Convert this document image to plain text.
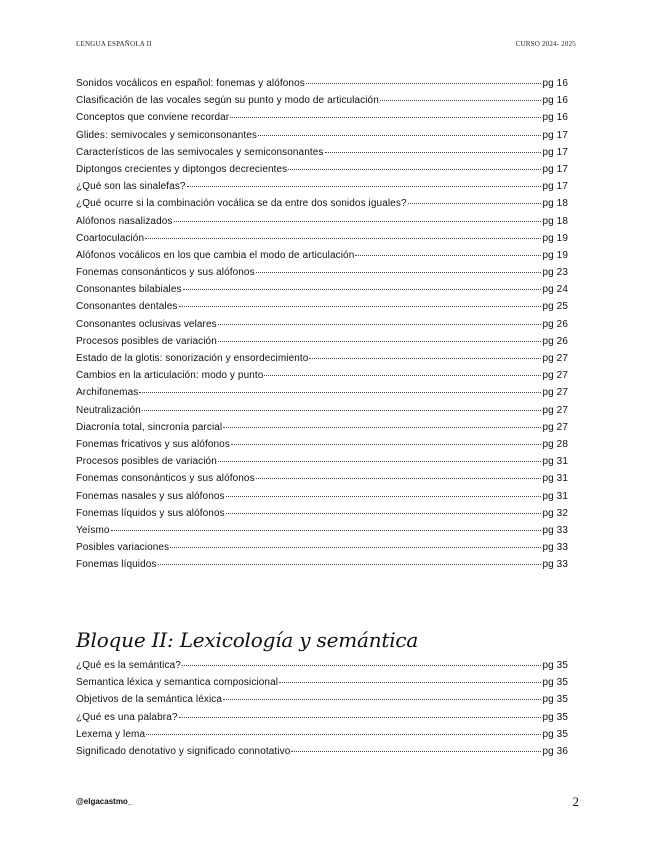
LENGUA ESPAÑOLA II	CURSO 2024- 2025
Sonidos vocálicos en español: fonemas y alófonos	pg 16
Clasificación de las vocales según su punto y modo de articulación	pg 16
Conceptos que conviene recordar	pg 16
Glides: semivocales y semiconsonantes	pg 17
Característicos de las semivocales y semiconsonantes	pg 17
Diptongos crecientes y diptongos decrecientes	pg 17
¿Qué son las sinalefas?	pg 17
¿Qué ocurre si la combinación vocálica se da entre dos sonidos iguales?	pg 18
Alófonos nasalizados	pg 18
Coartoculación	pg 19
Alófonos vocálicos en los que cambia el modo de articulación	pg 19
Fonemas consonánticos y sus alófonos	pg 23
Consonantes bilabiales	pg 24
Consonantes dentales	pg 25
Consonantes oclusivas velares	pg 26
Procesos posibles de variación	pg 26
Estado de la glotis: sonorización y ensordecimiento	pg 27
Cambios en la articulación: modo y punto	pg 27
Archifonemas	pg 27
Neutralización	pg 27
Diacronía total, sincronía parcial	pg 27
Fonemas fricativos y sus alófonos	pg 28
Procesos posibles de variación	pg 31
Fonemas consonánticos y sus alófonos	pg 31
Fonemas nasales y sus alófonos	pg 31
Fonemas líquidos y sus alófonos	pg 32
Yeísmo	pg 33
Posibles variaciones	pg 33
Fonemas líquidos	pg 33
Bloque II: Lexicología y semántica
¿Qué es la semántica?	pg 35
Semantica léxica y semantica composicional	pg 35
Objetivos de la semántica léxica	pg 35
¿Qué es una palabra?	pg 35
Lexema y lema	pg 35
Significado denotativo y significado connotativo	pg 36
@elgacastmo_	2
